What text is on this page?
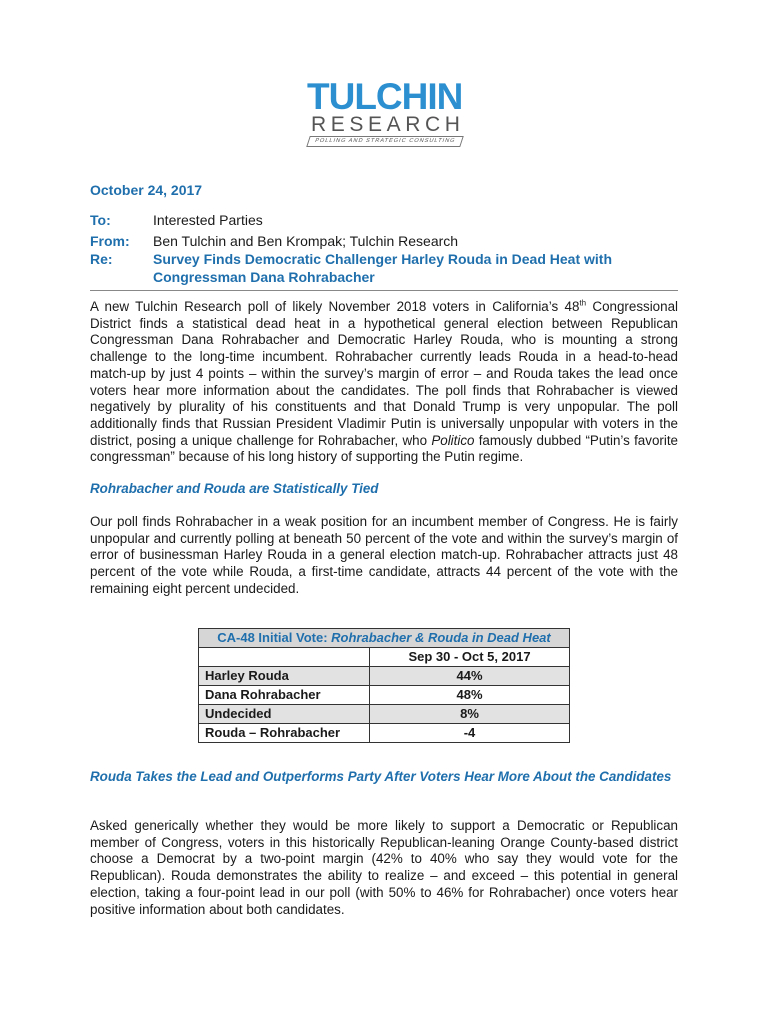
TULCHIN
RESEARCH
POLLING AND STRATEGIC CONSULTING
October 24, 2017
To:	Interested Parties
From: Ben Tulchin and Ben Krompak; Tulchin Research
Re:	Survey Finds Democratic Challenger Harley Rouda in Dead Heat with Congressman Dana Rohrabacher

A new Tulchin Research poll of likely November 2018 voters in California’s 48th Congressional District finds a statistical dead heat in a hypothetical general election between Republican Congressman Dana Rohrabacher and Democratic Harley Rouda, who is mounting a strong challenge to the long-time incumbent. Rohrabacher currently leads Rouda in a head-to-head match-up by just 4 points – within the survey’s margin of error – and Rouda takes the lead once voters hear more information about the candidates. The poll finds that Rohrabacher is viewed negatively by plurality of his constituents and that Donald Trump is very unpopular. The poll additionally finds that Russian President Vladimir Putin is universally unpopular with voters in the district, posing a unique challenge for Rohrabacher, who Politico famously dubbed “Putin’s favorite congressman” because of his long history of supporting the Putin regime.

Rohrabacher and Rouda are Statistically Tied

Our poll finds Rohrabacher in a weak position for an incumbent member of Congress. He is fairly unpopular and currently polling at beneath 50 percent of the vote and within the survey’s margin of error of businessman Harley Rouda in a general election match-up. Rohrabacher attracts just 48 percent of the vote while Rouda, a first-time candidate, attracts 44 percent of the vote with the remaining eight percent undecided.

CA-48 Initial Vote: Rohrabacher & Rouda in Dead Heat	
	Sep 30 - Oct 5, 2017
Harley Rouda	44%
Dana Rohrabacher	48%
Undecided	8%
Rouda – Rohrabacher	-4

Rouda Takes the Lead and Outperforms Party After Voters Hear More About the Candidates

Asked generically whether they would be more likely to support a Democratic or Republican member of Congress, voters in this historically Republican-leaning Orange County-based district choose a Democrat by a two-point margin (42% to 40% who say they would vote for the Republican). Rouda demonstrates the ability to realize – and exceed – this potential in general election, taking a four-point lead in our poll (with 50% to 46% for Rohrabacher) once voters hear positive information about both candidates.
